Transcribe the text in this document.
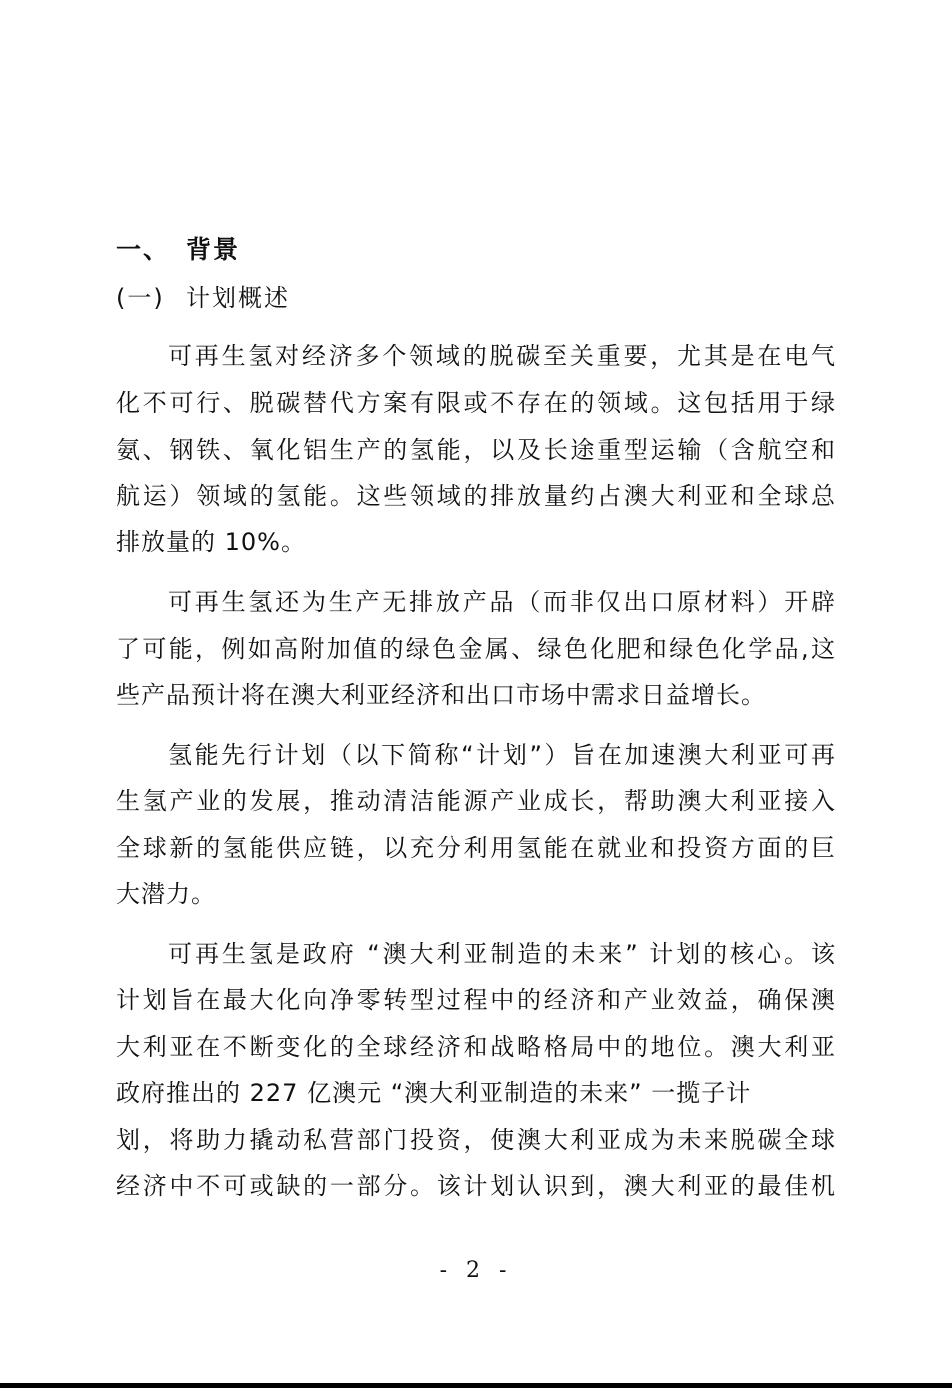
一、 背景
(一) 计划概述
可再生氢对经济多个领域的脱碳至关重要，尤其是在电气
化不可行、脱碳替代方案有限或不存在的领域。这包括用于绿
氨、钢铁、氧化铝生产的氢能，以及长途重型运输（含航空和
航运）领域的氢能。这些领域的排放量约占澳大利亚和全球总
排放量的 10%。
可再生氢还为生产无排放产品（而非仅出口原材料）开辟
了可能，例如高附加值的绿色金属、绿色化肥和绿色化学品,这
些产品预计将在澳大利亚经济和出口市场中需求日益增长。
氢能先行计划（以下简称“计划”）旨在加速澳大利亚可再
生氢产业的发展，推动清洁能源产业成长，帮助澳大利亚接入
全球新的氢能供应链，以充分利用氢能在就业和投资方面的巨
大潜力。
可再生氢是政府 “澳大利亚制造的未来” 计划的核心。该
计划旨在最大化向净零转型过程中的经济和产业效益，确保澳
大利亚在不断变化的全球经济和战略格局中的地位。澳大利亚
政府推出的 227 亿澳元 “澳大利亚制造的未来” 一揽子计
划，将助力撬动私营部门投资，使澳大利亚成为未来脱碳全球
经济中不可或缺的一部分。该计划认识到，澳大利亚的最佳机
- 2 -
